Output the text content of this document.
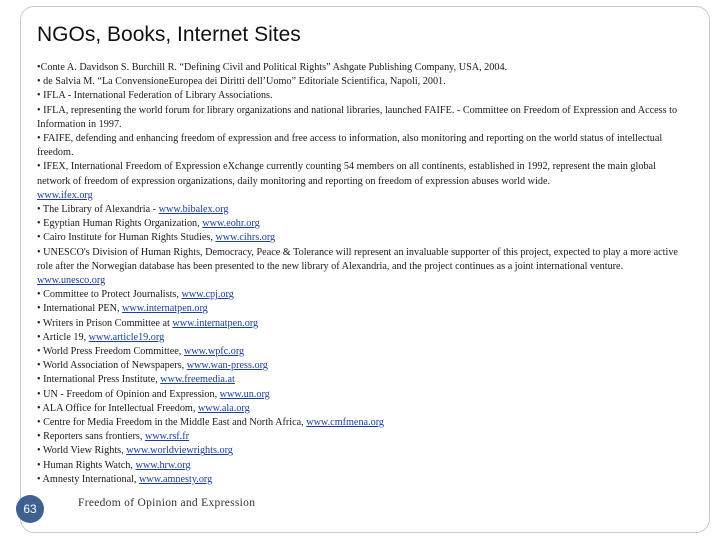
NGOs, Books, Internet Sites

•Conte A. Davidson S. Burchill R. “Defining Civil and Political Rights” Ashgate Publishing Company, USA, 2004.

• de Salvia M. “La ConvensioneEuropea dei Diritti dell’Uomo” Editoriale Scientifica, Napoli, 2001.

• IFLA - International Federation of Library Associations.

• IFLA, representing the world forum for library organizations and national libraries, launched FAIFE. - Committee on Freedom of Expression and Access to Information in 1997.

• FAIFE, defending and enhancing freedom of expression and free access to information, also monitoring and reporting on the world status of intellectual freedom.

• IFEX, International Freedom of Expression eXchange currently counting 54 members on all continents, established in 1992, represent the main global network of freedom of expression organizations, daily monitoring and reporting on freedom of expression abuses world wide.
www.ifex.org

• The Library of Alexandria - www.bibalex.org

• Egyptian Human Rights Organization, www.eohr.org

• Cairo Institute for Human Rights Studies, www.cihrs.org

• UNESCO's Division of Human Rights, Democracy, Peace & Tolerance will represent an invaluable supporter of this project, expected to play a more active role after the Norwegian database has been presented to the new library of Alexandria, and the project continues as a joint international venture. www.unesco.org

• Committee to Protect Journalists, www.cpj.org

• International PEN, www.internatpen.org

• Writers in Prison Committee at www.internatpen.org

• Article 19, www.article19.org

• World Press Freedom Committee, www.wpfc.org

• World Association of Newspapers, www.wan-press.org

• International Press Institute, www.freemedia.at

• UN - Freedom of Opinion and Expression, www.un.org

• ALA Office for Intellectual Freedom, www.ala.org

• Centre for Media Freedom in the Middle East and North Africa, www.cmfmena.org

• Reporters sans frontiers, www.rsf.fr

• World View Rights, www.worldviewrights.org

• Human Rights Watch, www.hrw.org

• Amnesty International, www.amnesty.org

63	Freedom of Opinion and Expression
